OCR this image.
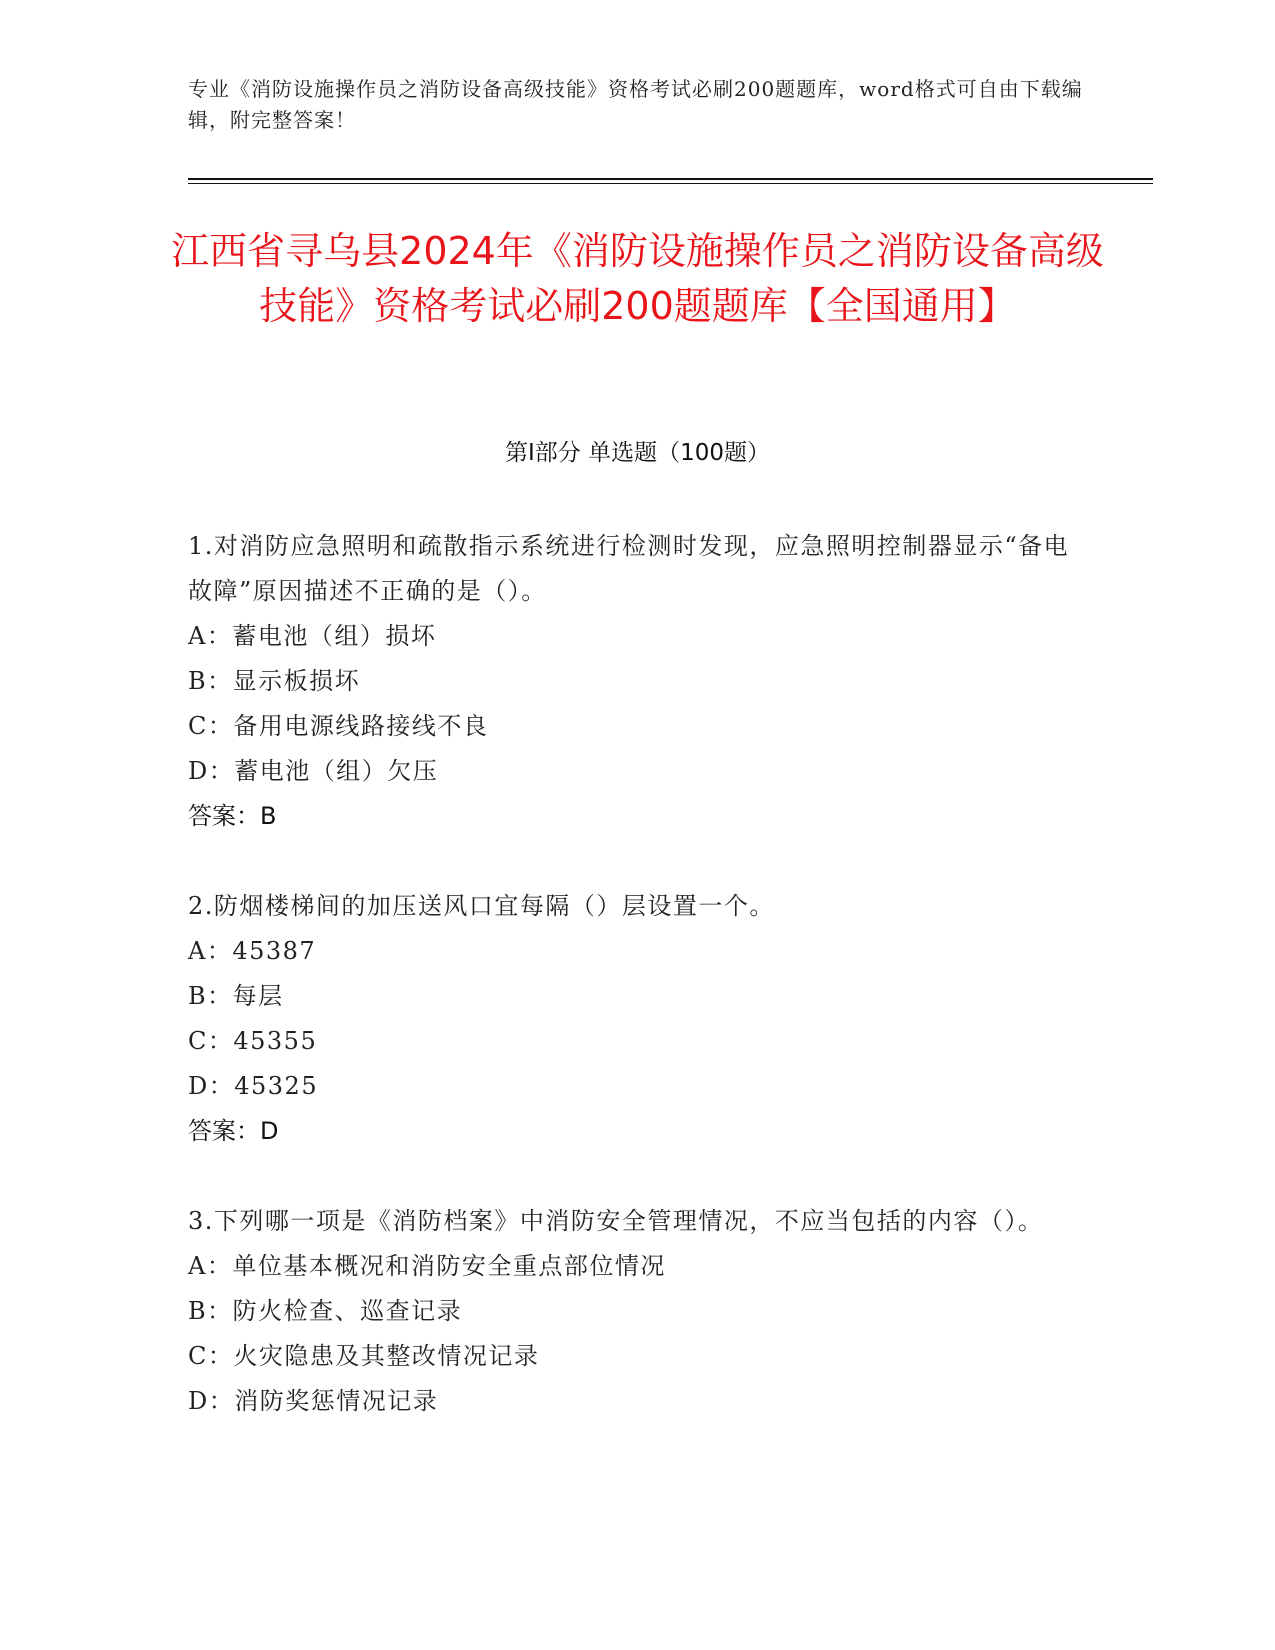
专业《消防设施操作员之消防设备高级技能》资格考试必刷200题题库，word格式可自由下载编辑，附完整答案！
江西省寻乌县2024年《消防设施操作员之消防设备高级技能》资格考试必刷200题题库【全国通用】
第Ⅰ部分 单选题（100题）
1.对消防应急照明和疏散指示系统进行检测时发现，应急照明控制器显示“备电故障”原因描述不正确的是（）。
A：蓄电池（组）损坏
B：显示板损坏
C：备用电源线路接线不良
D：蓄电池（组）欠压
答案：B
2.防烟楼梯间的加压送风口宜每隔（）层设置一个。
A：45387
B：每层
C：45355
D：45325
答案：D
3.下列哪一项是《消防档案》中消防安全管理情况，不应当包括的内容（）。
A：单位基本概况和消防安全重点部位情况
B：防火检查、巡查记录
C：火灾隐患及其整改情况记录
D：消防奖惩情况记录
